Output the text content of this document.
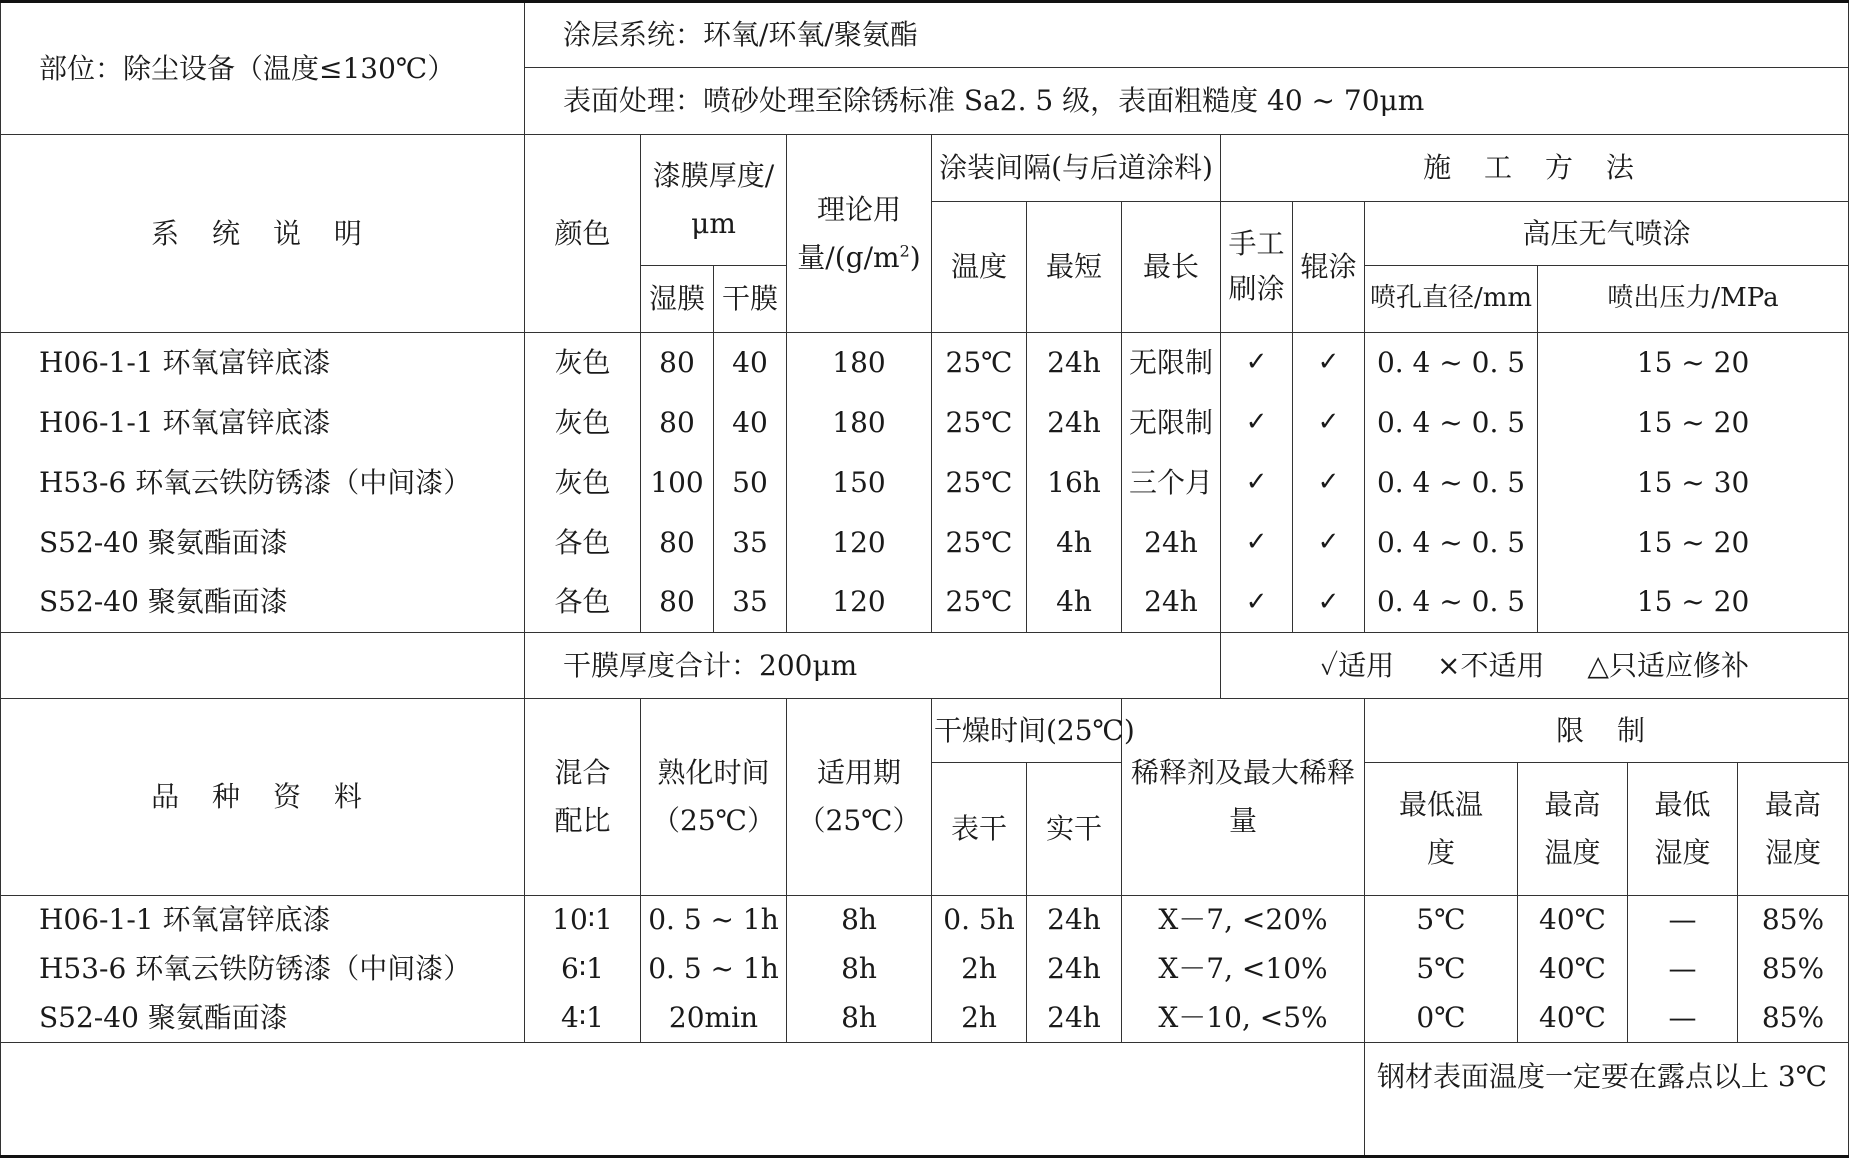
部位：除尘设备（温度≤130℃）	涂层系统：环氧/环氧/聚氨酯													
	表面处理：喷砂处理至除锈标准 Sa2. 5 级，表面粗糙度 40 ~ 70μm													
系 统 说 明	颜色	漆膜厚度/μm		理论用量$/(g/m^2)$	涂装间隔(与后道涂料)			施 工 方 法						
					温度	最短	最长	手工刷涂	辊涂	高压无气喷涂				
		湿膜	干膜							喷孔直径/mm		喷出压力/MPa		
H06-1-1 环氧富锌底漆	灰色	80	40	180	25℃	24h	无限制	✓	✓	0. 4 ~ 0. 5		15 ~ 20		
H06-1-1 环氧富锌底漆	灰色	80	40	180	25℃	24h	无限制	✓	✓	0. 4 ~ 0. 5		15 ~ 20		
H53-6 环氧云铁防锈漆（中间漆）	灰色	100	50	150	25℃	16h	三个月	✓	✓	0. 4 ~ 0. 5		15 ~ 30		
S52-40 聚氨酯面漆	各色	80	35	120	25℃	4h	24h	✓	✓	0. 4 ~ 0. 5		15 ~ 20		
S52-40 聚氨酯面漆	各色	80	35	120	25℃	4h	24h	✓	✓	0. 4 ~ 0. 5		15 ~ 20		
	干膜厚度合计：200μm							✓适用 ×不适用 △只适应修补						
品 种 资 料	混合配比	熟化时间（25℃）		适用期（25℃）	干燥时间(25℃)		稀释剂及最大稀释量			限 制				
					表干	实干				最低温度	最高温度		最低湿度	最高湿度
H06-1-1 环氧富锌底漆	10∶1	0. 5 ~ 1h		8h	0. 5h	24h	X－7, <20%			5℃	40℃		—	85%
H53-6 环氧云铁防锈漆（中间漆）	6∶1	0. 5 ~ 1h		8h	2h	24h	X－7, <10%			5℃	40℃		—	85%
S52-40 聚氨酯面漆	4∶1	20min		8h	2h	24h	X－10, <5%			0℃	40℃		—	85%
										钢材表面温度一定要在露点以上 3℃				
